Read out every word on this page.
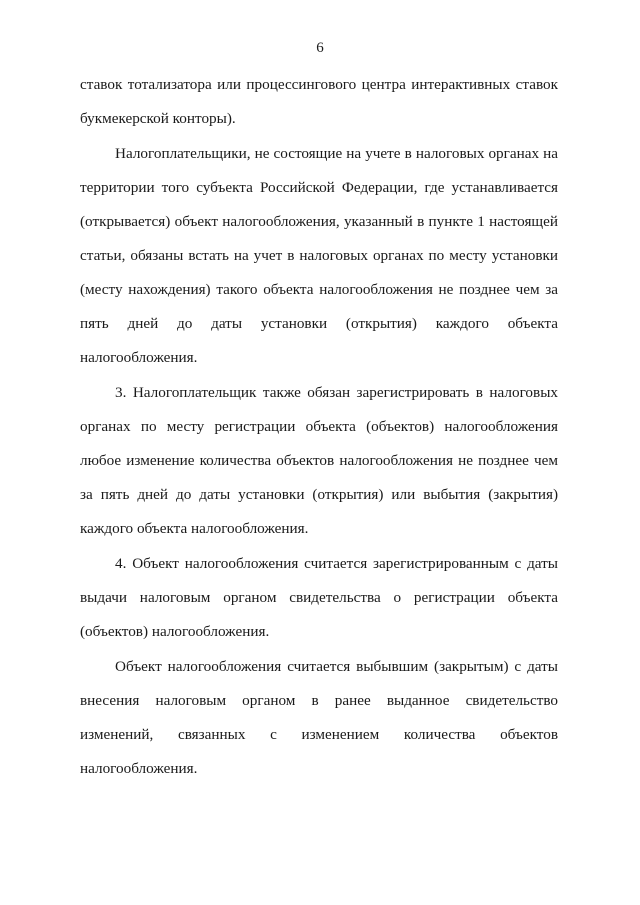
6

ставок тотализатора или процессингового центра интерактивных ставок букмекерской конторы).

Налогоплательщики, не состоящие на учете в налоговых органах на территории того субъекта Российской Федерации, где устанавливается (открывается) объект налогообложения, указанный в пункте 1 настоящей статьи, обязаны встать на учет в налоговых органах по месту установки (месту нахождения) такого объекта налогообложения не позднее чем за пять дней до даты установки (открытия) каждого объекта налогообложения.

3. Налогоплательщик также обязан зарегистрировать в налоговых органах по месту регистрации объекта (объектов) налогообложения любое изменение количества объектов налогообложения не позднее чем за пять дней до даты установки (открытия) или выбытия (закрытия) каждого объекта налогообложения.

4. Объект налогообложения считается зарегистрированным с даты выдачи налоговым органом свидетельства о регистрации объекта (объектов) налогообложения.

Объект налогообложения считается выбывшим (закрытым) с даты внесения налоговым органом в ранее выданное свидетельство изменений, связанных с изменением количества объектов налогообложения.
